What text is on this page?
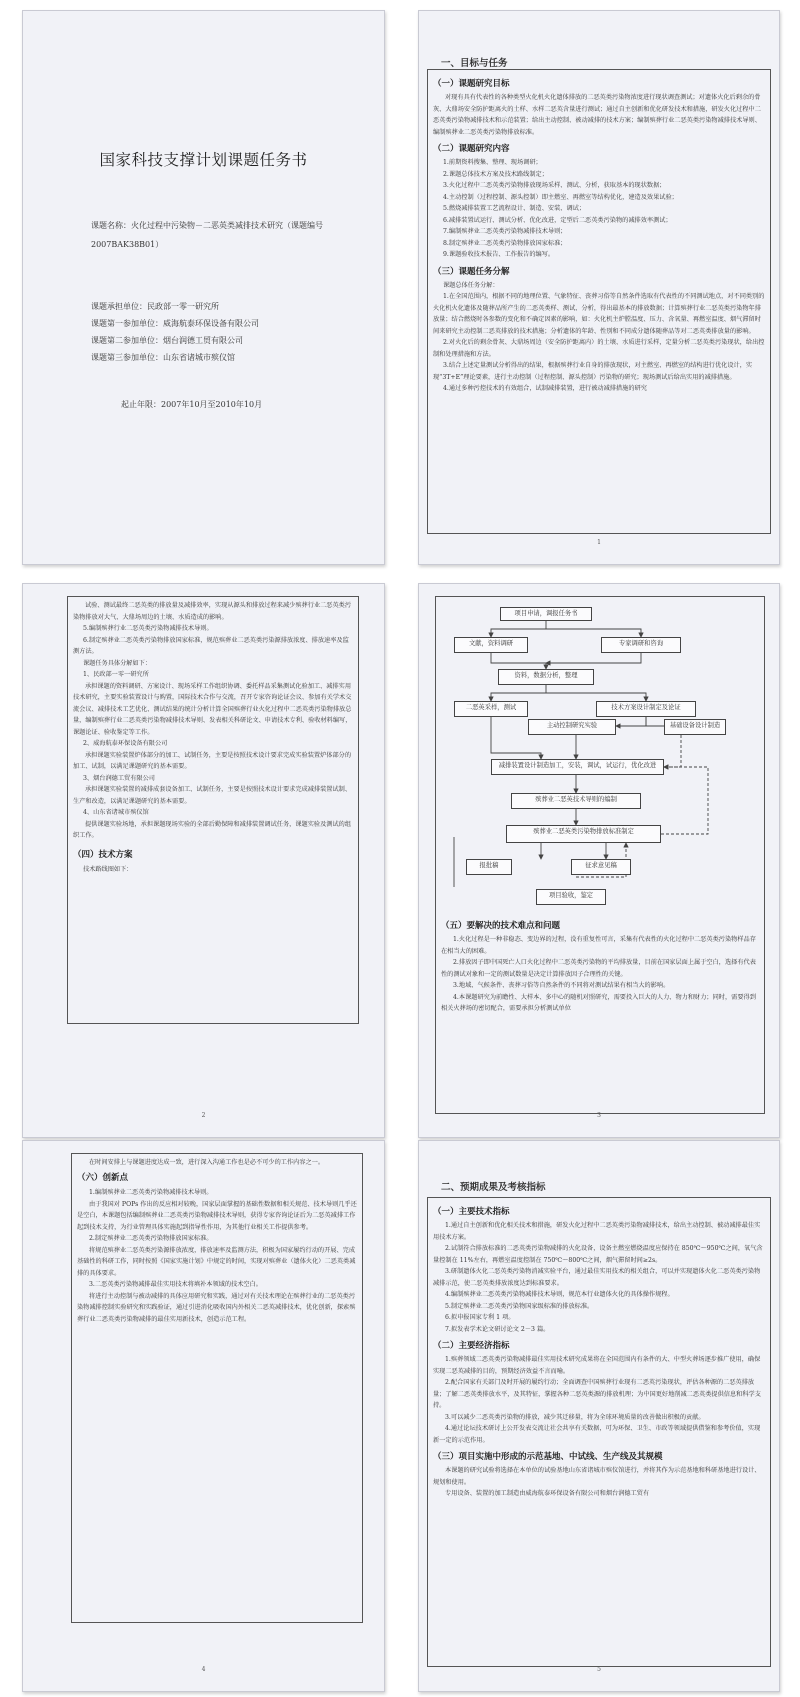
国家科技支撑计划课题任务书
课题名称：火化过程中污染物－二恶英类减排技术研究（课题编号 2007BAK38B01）
课题承担单位：民政部一零一研究所
课题第一参加单位：威海航泰环保设备有限公司
课题第二参加单位：烟台润德工贸有限公司
课题第三参加单位：山东省诸城市殡仪馆
起止年限：2007年10月至2010年10月
一、目标与任务
（一）课题研究目标

对现有具有代表性的各种类型火化机火化遗体排放的二恶英类污染物浓度进行现状调查测试；对遗体火化后剩余的骨灰、大鼎场安全防护距离火的土样、水样二恶英含量进行测试；通过自主创新和优化研发技术和措施，研发火化过程中二恶英类污染物减排技术和示范装置；给出主动控制、被动减排的技术方案；编制殡葬行业二恶英类污染物减排技术导则、编制殡葬业二恶英类污染物排放标准。

（二）课题研究内容

1.前期资料搜集、整理、现场调研；

2.课题总体技术方案及技术路线制定；

3.火化过程中二恶英类污染物排放现场采样、测试、分析，获取基本的现状数据；

4.主动控制（过程控制、源头控制）即主燃室、再燃室等结构优化，建造及效果试验；

5.燃烧减排装置工艺流程设计、制造、安装、调试；

6.减排装置试运行、测试分析、优化改进，定型后二恶英类污染物的减排效率测试；

7.编制殡葬业二恶英类污染物减排技术导则；

8.制定殡葬业二恶英类污染物排放国家标准；

9.课题验收技术报告、工作报告的编写。

（三）课题任务分解

课题总体任务分解：

1.在全国范围内，根据不同的地理位置、气象特征、丧葬习俗等自然条件选取有代表性的不同测试地点，对不同类别的火化机火化遗体及随葬品所产生的二恶英类样、测试、分析，得出最基本的排放数据；计算殡葬行业二恶英类污染物年排放量；结合燃烧时各参数的变化和不确定因素的影响，如：火化机主炉膛温度、压力、含氧量、再燃室温度、烟气滞留时间来研究主动控制二恶英排放的技术措施；分析遗体的年龄、性别和不同成分遗体随葬品等对二恶英类排放量的影响。

2.对火化后的剩余骨灰、大鼎场周边（安全防护距离内）的土壤、水质进行采样，定量分析二恶英类污染现状，给出控制和处理措施和方法。

3.结合上述定量测试分析得出的结果，根据殡葬行业自身的排放现状，对主燃室、再燃室的结构进行优化设计，实现“3T+E”理论要素，进行主动控制（过程控制、源头控制）污染物的研究；现场测试后给出实用的减排措施。

4.通过多种污控技术的有效组合，试制减排装置，进行被动减排措施的研究

1

试验、测试最终二恶英类的排放量及减排效率，实现从源头和排放过程来减少殡葬行业二恶英类污染物排放对大气、大鼎场周边的土壤、水质造成的影响。

5.编制殡葬行业二恶英类污染物减排技术导则。

6.制定殡葬业二恶英类污染物排放国家标准，规范殡葬业二恶英类污染源排放浓度、排放速率及监测方法。

课题任务具体分解如下：

1、民政部一零一研究所

承担课题的资料调研、方案设计、现场采样工作组织协调、委托样品采集测试化验加工、减排实用技术研究，主要实验装置设计与购置，国际技术合作与交流，召开专家咨询论证会议、参加有关学术交流会议、减排技术工艺优化、测试结果的统计分析计算全国殡葬行业火化过程中二恶英类污染物排放总量，编制殡葬行业二恶英类污染物减排技术导则、发表相关科研论文、申请技术专利、验收材料编写，课题论证、验收鉴定等工作。

2、威海航泰环保设备有限公司

承担课题实验装置炉体部分的加工、试制任务，主要是按照技术设计要求完成实验装置炉体部分的加工、试制，以满足课题研究的基本需要。

3、烟台润德工贸有限公司

承担课题实验装置的减排成套设备加工、试制任务，主要是按照技术设计要求完成减排装置试制、生产和改造，以满足课题研究的基本需要。

4、山东省诸城市殡仪馆

提供课题实验场地，承担课题现场实验的全部后勤保障和减排装置调试任务，课题实验及测试的组织工作。

（四）技术方案

技术路线图如下：

2
项目申请，调报任务书
文献，资料调研	专家调研和咨询
资料，数据分析，整理
二恶英采样，测试	技术方案设计制定及论证
主动控制研究实验	基础设备设计制造
减排装置设计制造加工，安装，调试，试运行，优化改进
殡葬业二恶英技术导则的编制
殡葬业二恶英类污染物排放标准制定
报批稿	征求意见稿
项目验收，鉴定
（五）要解决的技术难点和问题

1.火化过程是一种非稳态、变边界的过程，没有重复性可言，采集有代表性的火化过程中二恶英类污染物样品存在相当大的困难。

2.排放因子即中国死亡人口火化过程中二恶英类污染物的平均排放量，目前在国家层面上属于空白，选择有代表性的测试对象和一定的测试数量是决定计算排放因子合理性的关键。

3.地域、气候条件、丧葬习俗等自然条件的不同将对测试结果有相当大的影响。

4.本课题研究为前瞻性、大样本、多中心的随机对照研究，需要投入巨大的人力、物力和财力；同时，需要得到相关火葬场的密切配合，需要承担分析测试单位

3

在时间安排上与课题进度达成一致，进行深入沟通工作也是必不可少的工作内容之一。

（六）创新点

1.编制殡葬业二恶英类污染物减排技术导则。

由于我国对 POPs 作出的反应相对较晚，国家层面掌握的基础性数据和相关规范、技术导则几乎还是空白，本课题包括编制殡葬业二恶英类污染物减排技术导则，获得专家咨询论证后为二恶英减排工作起到技术支持，为行业管理具体实施起到指导性作用，为其他行业相关工作提供参考。

2.制定殡葬业二恶英类污染物排放国家标准。

将规范殡葬业二恶英类污染源排放浓度，排放速率及监测方法，积极为国家履约行动的开展、完成基础性的科研工作，同时按照《国家实施计划》中规定的时间，实现对殡葬业（遗体火化）二恶英类减排的具体要求。

3.二恶英类污染物减排最佳实用技术将填补本领域的技术空白。

将进行主动控制与被动减排的具体应用研究和实践，通过对有关技术理论在殡葬行业的二恶英类污染物减排控制实验研究和实践验证，通过引进消化吸收国内外相关二恶英减排技术，优化创新，探索殡葬行业二恶英类污染物减排的最佳实用新技术，创造示范工程。

4
二、预期成果及考核指标
（一）主要技术指标

1.通过自主创新和优化相关技术和措施，研发火化过程中二恶英类污染物减排技术，给出主动控制、被动减排最佳实用技术方案。

2.试制符合排放标准的二恶英类污染物减排的火化设备，设备主燃室燃烧温度应保持在 850℃～950℃之间，氧气含量控制在 11%左右，再燃室温度控制在 750℃～800℃之间，烟气滞留时间≥2s。

3.研制遗体火化二恶英类污染物消减实验平台，通过最佳实用技术的相关组合，可以并实现遗体火化二恶英类污染物减排示范，使二恶英类排放浓度达到标准要求。

4.编制殡葬业二恶英类污染物减排技术导则，规范本行业遗体火化的具体操作规程。

5.制定殡葬业二恶英类污染物国家级标准的排放标准。

6.拟申报国家专利 1 项。

7.拟发表学术论文研讨论文 2－3 篇。

（二）主要经济指标

1.殡葬领域二恶英类污染物减排最佳实用技术研究成果将在全国范围内有条件的大、中型火葬场逐步推广使用，确保实现二恶英减排的目的，预期经济效益不言而喻。

2.配合国家有关部门及时开展的履约行动；全面调查中国殡葬行业现有二恶英污染现状，评估各种源的二恶英排放量；了解二恶英类排放水平，及其特征，掌握各种二恶英类源的排放机理；为中国更好地削减二恶英类提供信息和科学支持。

3.可以减少二恶英类污染物的排放，减少其迁移量，将为全球环境质量的改善做出积极的贡献。

4.通过论坛技术研讨上公开发表交流让社会共享有关数据，可为环保、卫生、市政等领域提供借鉴和参考价值，实现新一定的示范作用。

（三）项目实施中形成的示范基地、中试线、生产线及其规模

本课题的研究试验将选择在本单位的试验基地山东省诸城市殡仪馆进行，并将其作为示范基地和科研基地进行设计、规划和使用。

专用设备、装置的加工制造由威海航泰环保设备有限公司和烟台润德工贸有

5
